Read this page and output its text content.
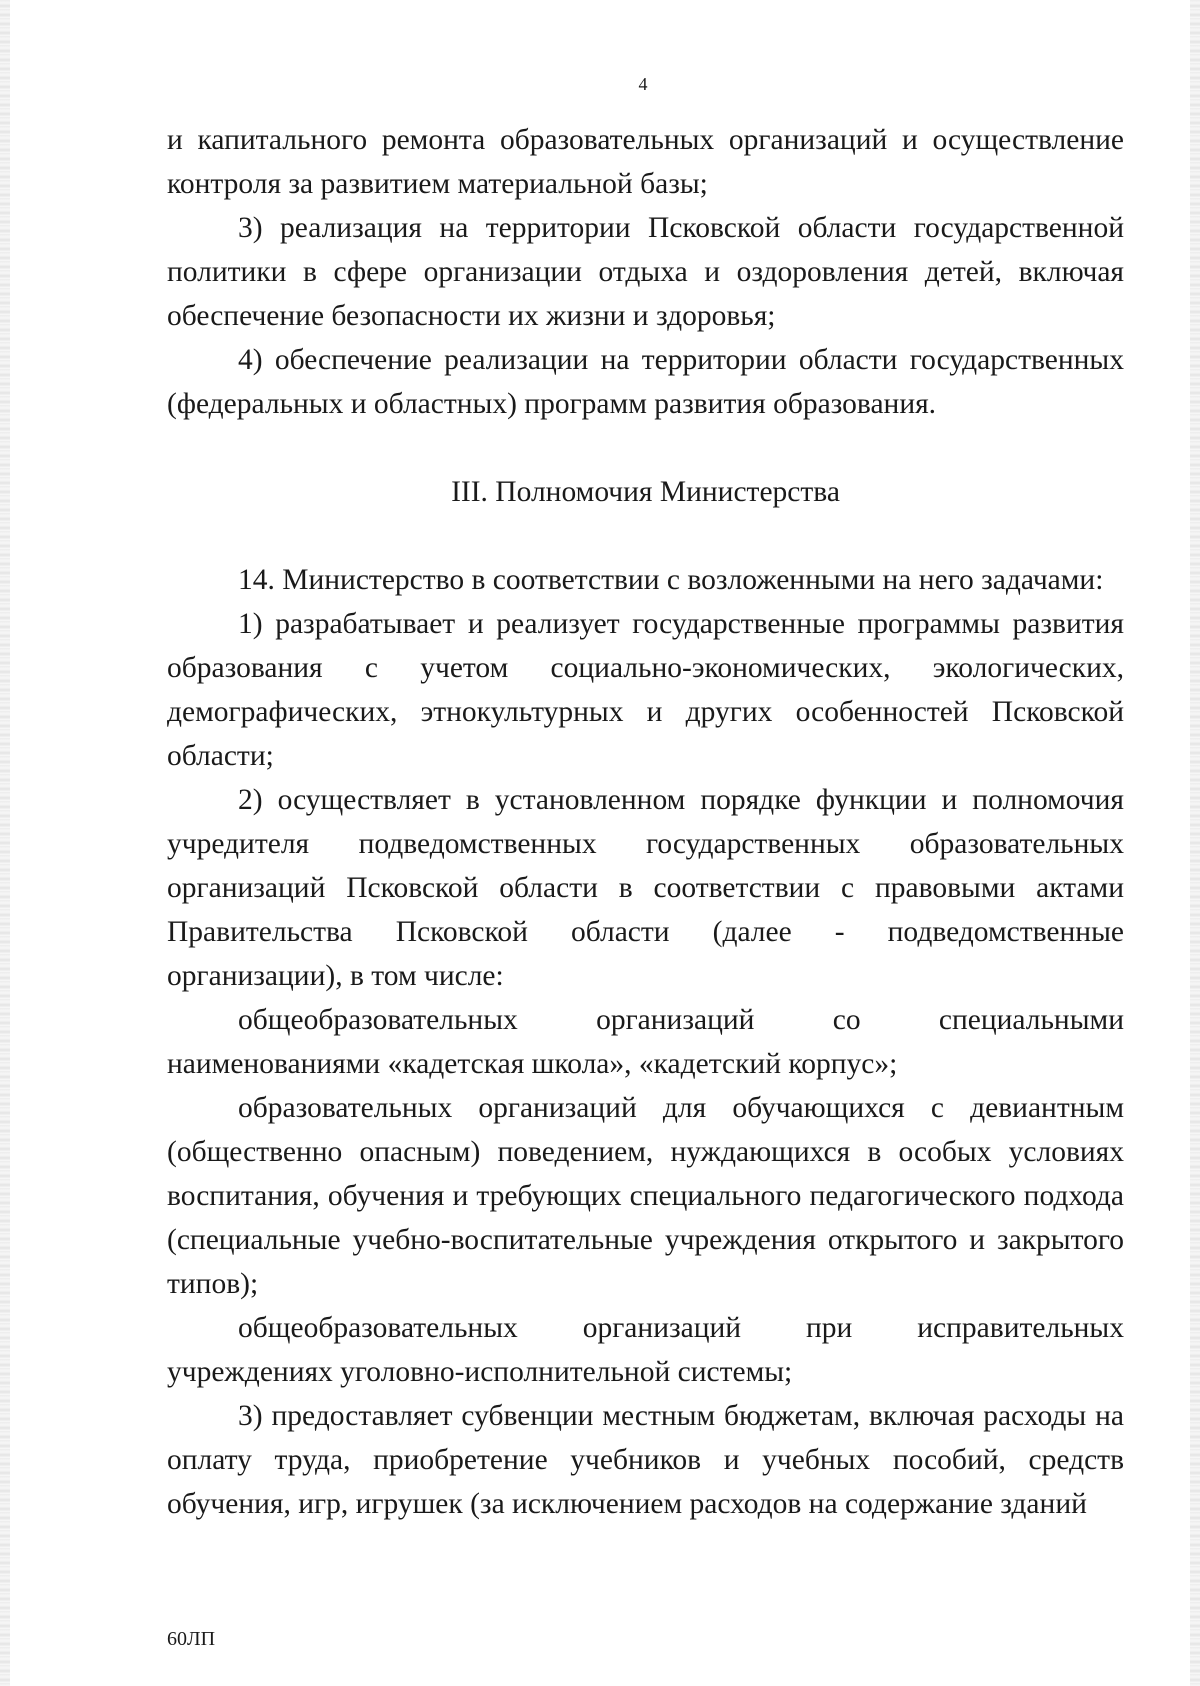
4

и капитального ремонта образовательных организаций и осуществление контроля за развитием материальной базы;

3) реализация на территории Псковской области государственной политики в сфере организации отдыха и оздоровления детей, включая обеспечение безопасности их жизни и здоровья;

4) обеспечение реализации на территории области государственных (федеральных и областных) программ развития образования.

III. Полномочия Министерства

14. Министерство в соответствии с возложенными на него задачами:

1) разрабатывает и реализует государственные программы развития образования с учетом социально-экономических, экологических, демографических, этнокультурных и других особенностей Псковской области;

2) осуществляет в установленном порядке функции и полномочия учредителя подведомственных государственных образовательных организаций Псковской области в соответствии с правовыми актами Правительства Псковской области (далее - подведомственные организации), в том числе:

общеобразовательных организаций со специальными наименованиями «кадетская школа», «кадетский корпус»;

образовательных организаций для обучающихся с девиантным (общественно опасным) поведением, нуждающихся в особых условиях воспитания, обучения и требующих специального педагогического подхода (специальные учебно-воспитательные учреждения открытого и закрытого типов);

общеобразовательных организаций при исправительных учреждениях уголовно-исполнительной системы;

3) предоставляет субвенции местным бюджетам, включая расходы на оплату труда, приобретение учебников и учебных пособий, средств обучения, игр, игрушек (за исключением расходов на содержание зданий

60ЛП
